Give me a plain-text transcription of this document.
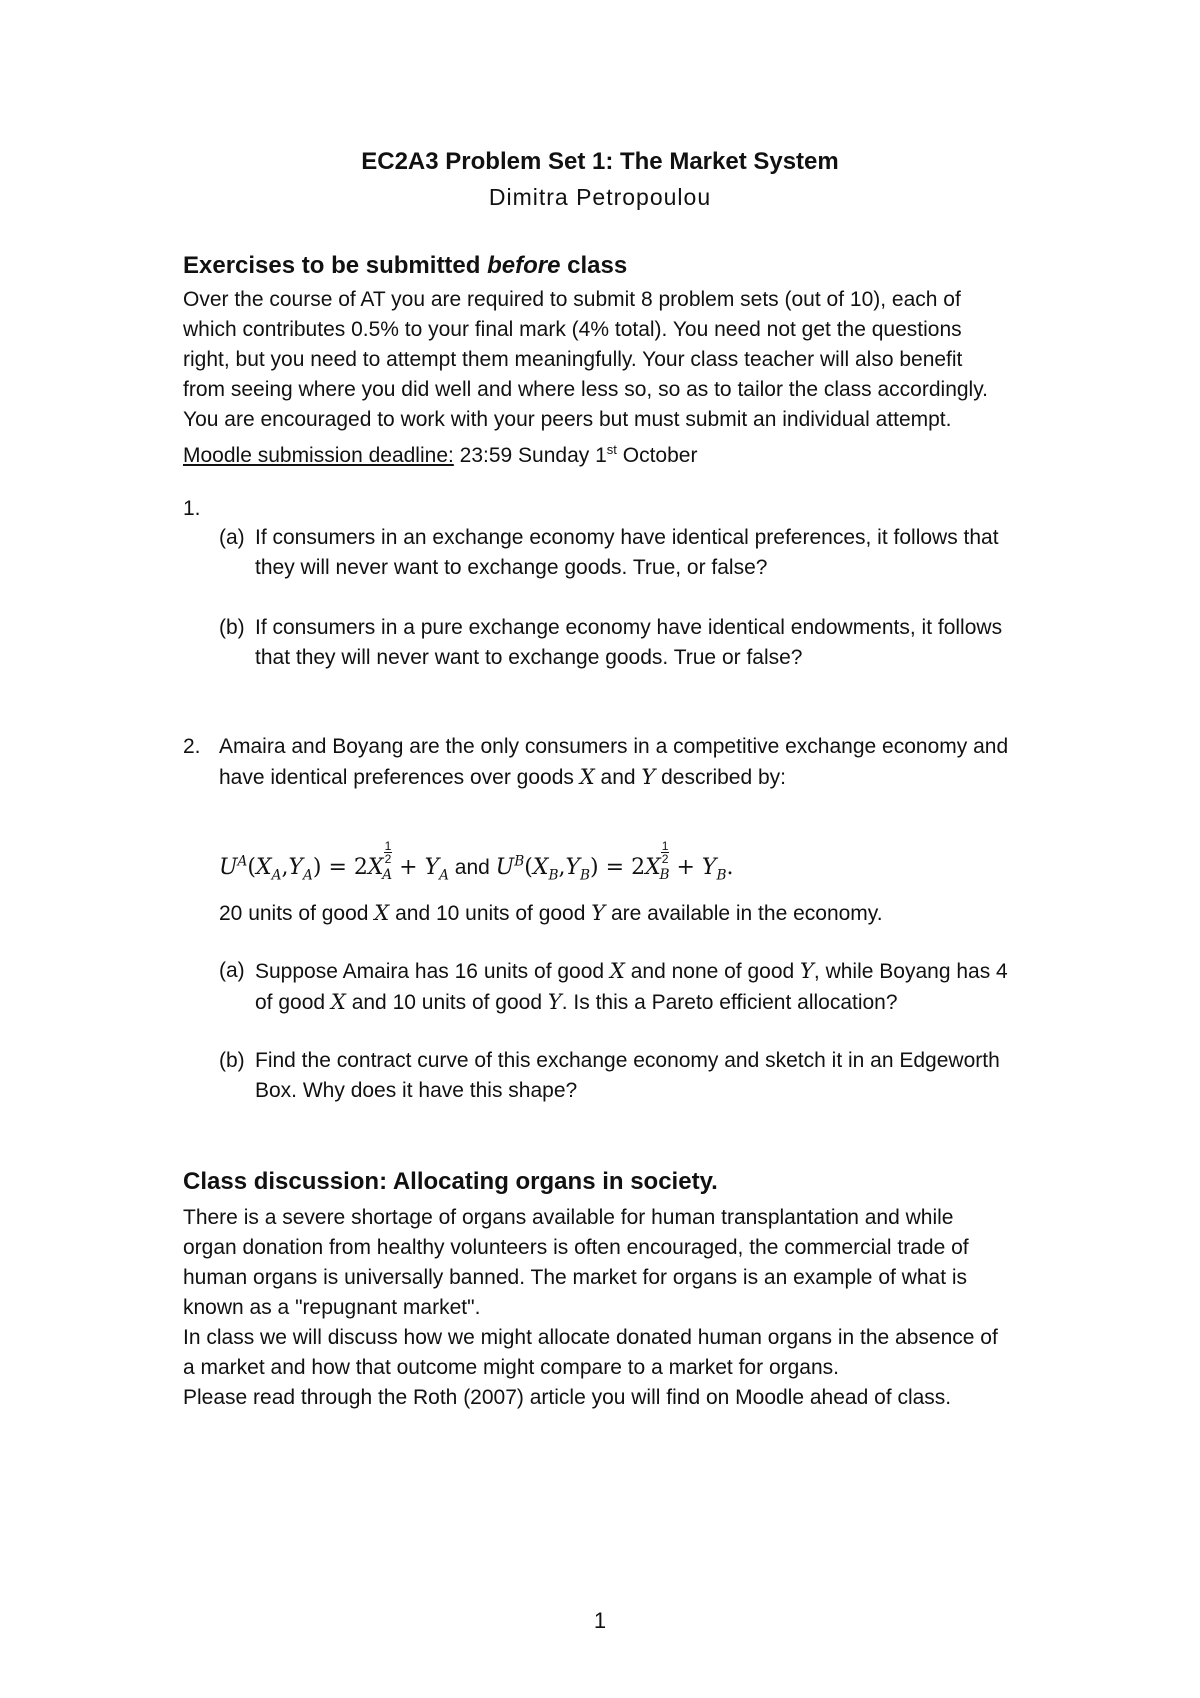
EC2A3 Problem Set 1: The Market System
Dimitra Petropoulou
Exercises to be submitted before class
Over the course of AT you are required to submit 8 problem sets (out of 10), each of
which contributes 0.5% to your final mark (4% total). You need not get the questions
right, but you need to attempt them meaningfully. Your class teacher will also benefit
from seeing where you did well and where less so, so as to tailor the class accordingly.
You are encouraged to work with your peers but must submit an individual attempt.
Moodle submission deadline: 23:59 Sunday 1st October
1.
(a) If consumers in an exchange economy have identical preferences, it follows that
they will never want to exchange goods. True, or false?
(b) If consumers in a pure exchange economy have identical endowments, it follows
that they will never want to exchange goods. True or false?
2. Amaira and Boyang are the only consumers in a competitive exchange economy and
have identical preferences over goods X and Y described by:
$U^A(X_A,Y_A) = 2X$
$\frac{1}{2}$
$_A + Y_A$ and $U^B(X_B,Y_B) = 2X$
$\frac{1}{2}$
$_B + Y_B$.
20 units of good X and 10 units of good Y are available in the economy.
(a) Suppose Amaira has 16 units of good X and none of good Y, while Boyang has 4
of good X and 10 units of good Y. Is this a Pareto efficient allocation?
(b) Find the contract curve of this exchange economy and sketch it in an Edgeworth
Box. Why does it have this shape?
Class discussion: Allocating organs in society.
There is a severe shortage of organs available for human transplantation and while
organ donation from healthy volunteers is often encouraged, the commercial trade of
human organs is universally banned. The market for organs is an example of what is
known as a "repugnant market".
In class we will discuss how we might allocate donated human organs in the absence of
a market and how that outcome might compare to a market for organs.
Please read through the Roth (2007) article you will find on Moodle ahead of class.
1
